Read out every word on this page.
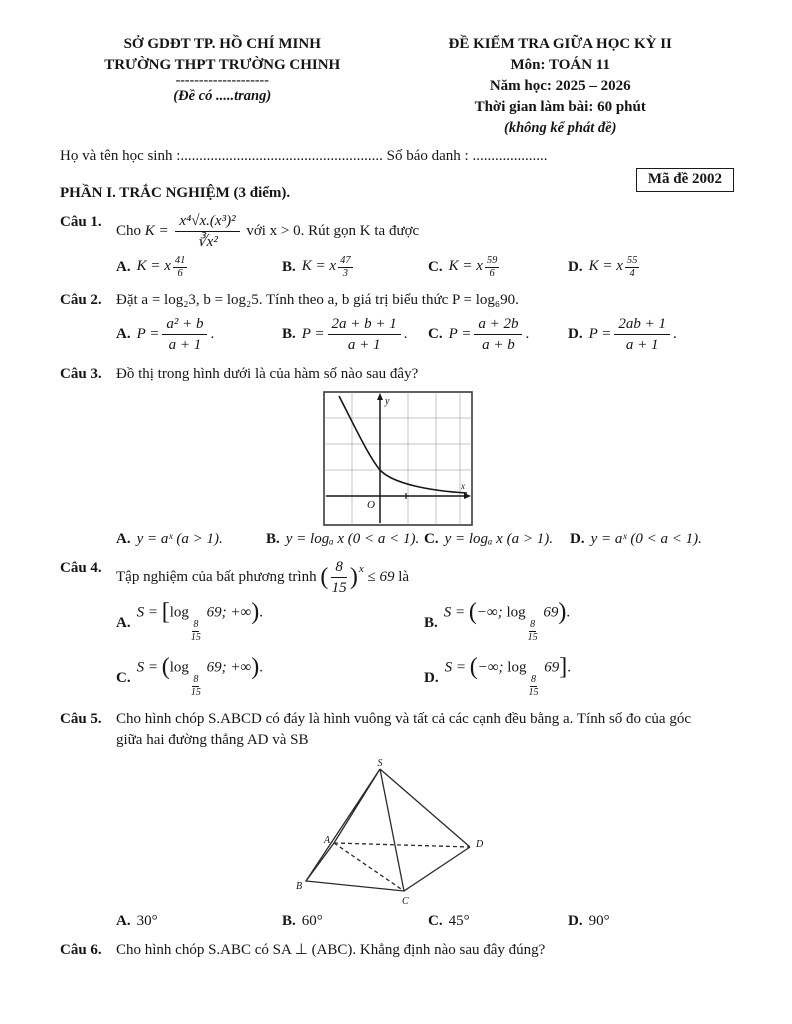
SỞ GDĐT TP. HỒ CHÍ MINH
TRƯỜNG THPT TRƯỜNG CHINH
--------------------
(Đề có .....trang)
ĐỀ KIỂM TRA GIỮA HỌC KỲ II
Môn: TOÁN 11
Năm học: 2025 – 2026
Thời gian làm bài: 60 phút
(không kể phát đề)
Họ và tên học sinh :...................................................... Số báo danh : ....................
Mã đề 2002
PHẦN I. TRẮC NGHIỆM (3 điểm).
Câu 1.
Cho $K = \frac{\text{x⁴√x.(x³)²}}{\text{∛x²}}$ với x > 0. Rút gọn K ta được
A. K = x $\frac{41}{6}$	B. K = x $\frac{47}{3}$	C. K = x $\frac{59}{6}$	D. K = x $\frac{55}{4}$
Câu 2. Đặt a = log₂3, b = log₂5. Tính theo a, b giá trị biểu thức P = log₆90.
A. $P = \frac{\text{a² + b}}{a + 1}$ .	B. $P = \frac{2a + b + 1}{a + 1}$ . C. $P = \frac{a + 2b}{a + b}$ .	D. $P = \frac{2ab + 1}{a + 1}$ .
Câu 3. Đồ thị trong hình dưới là của hàm số nào sau đây?
O
y
x
A. y = aˣ (a > 1).	B. y = logₐ x (0 < a < 1). C. y = logₐ x (a > 1). D. y = aˣ (0 < a < 1).
Câu 4.
Tập nghiệm của bất phương trình ( $\frac{8}{15} )^x \le 69$ là
A.
S = [log
$\frac{8}{15}$
69; +∞).
B.
S = (−∞; log
$\frac{8}{15}$
69).
C.
S = (log
$\frac{8}{15}$
69; +∞).
D.
S = (−∞; log
$\frac{8}{15}$
69].
Câu 5. Cho hình chóp S.ABCD có đáy là hình vuông và tất cả các cạnh đều bằng a. Tính số đo của góc
giữa hai đường thẳng AD và SB
S
A
B
C
D
A. 30°	B. 60°	C. 45°	D. 90°
Câu 6. Cho hình chóp S.ABC có SA ⊥ (ABC). Khẳng định nào sau đây đúng?
